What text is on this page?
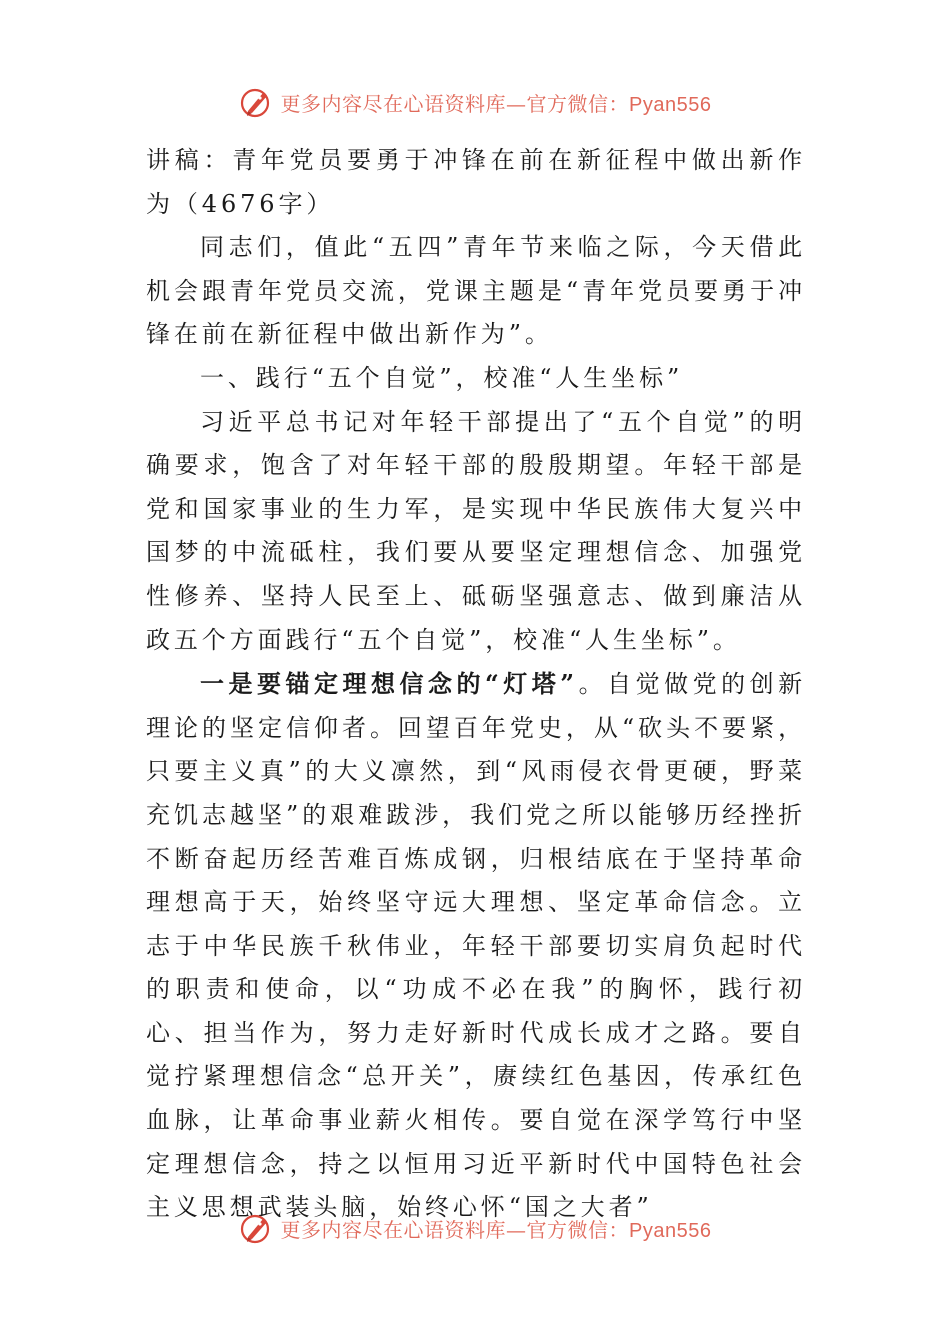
更多内容尽在心语资料库—官方微信：Pyan556

讲稿：青年党员要勇于冲锋在前在新征程中做出新作为（4676字）

同志们，值此“五四”青年节来临之际，今天借此机会跟青年党员交流，党课主题是“青年党员要勇于冲锋在前在新征程中做出新作为”。

一、践行“五个自觉”，校准“人生坐标”

习近平总书记对年轻干部提出了“五个自觉”的明确要求，饱含了对年轻干部的殷殷期望。年轻干部是党和国家事业的生力军，是实现中华民族伟大复兴中国梦的中流砥柱，我们要从要坚定理想信念、加强党性修养、坚持人民至上、砥砺坚强意志、做到廉洁从政五个方面践行“五个自觉”，校准“人生坐标”。

一是要锚定理想信念的“灯塔”。自觉做党的创新理论的坚定信仰者。回望百年党史，从“砍头不要紧，只要主义真”的大义凛然，到“风雨侵衣骨更硬，野菜充饥志越坚”的艰难跋涉，我们党之所以能够历经挫折不断奋起历经苦难百炼成钢，归根结底在于坚持革命理想高于天，始终坚守远大理想、坚定革命信念。立志于中华民族千秋伟业，年轻干部要切实肩负起时代的职责和使命，以“功成不必在我”的胸怀，践行初心、担当作为，努力走好新时代成长成才之路。要自觉拧紧理想信念“总开关”，赓续红色基因，传承红色血脉，让革命事业薪火相传。要自觉在深学笃行中坚定理想信念，持之以恒用习近平新时代中国特色社会主义思想武装头脑，始终心怀“国之大者”

更多内容尽在心语资料库—官方微信：Pyan556
